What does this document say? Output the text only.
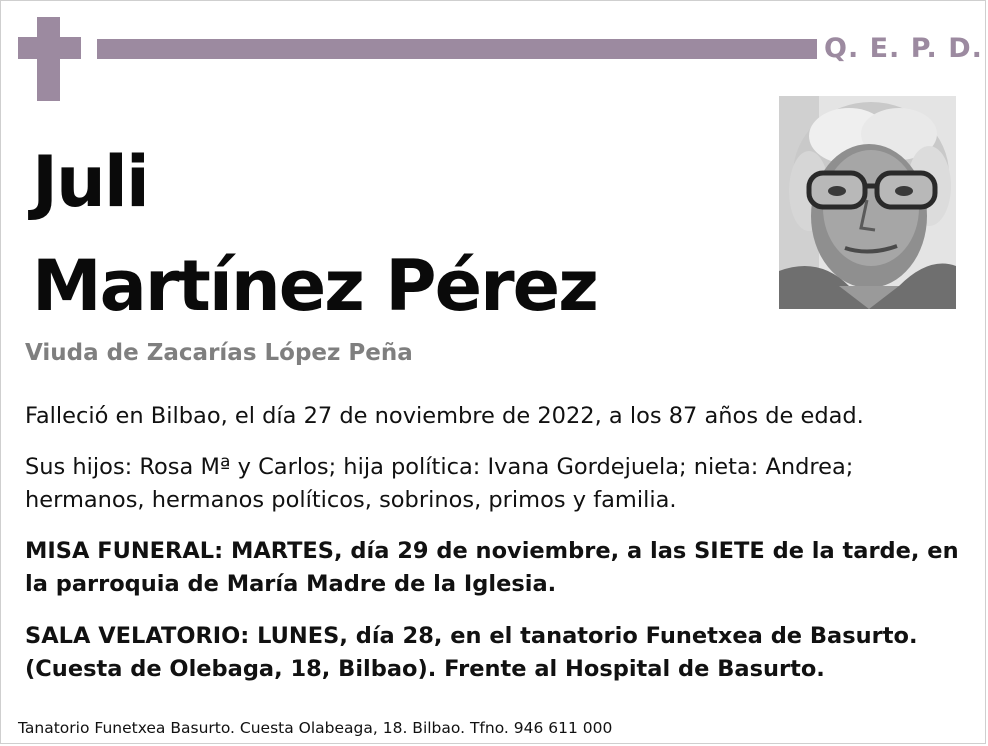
Q. E. P. D.
Juli
Martínez Pérez
Viuda de Zacarías López Peña
Falleció en Bilbao, el día 27 de noviembre de 2022, a los 87 años de edad.
Sus hijos: Rosa Mª y Carlos; hija política: Ivana Gordejuela; nieta: Andrea; hermanos, hermanos políticos, sobrinos, primos y familia.
MISA FUNERAL: MARTES, día 29 de noviembre, a las SIETE de la tarde, en la parroquia de María Madre de la Iglesia.
SALA VELATORIO: LUNES, día 28, en el tanatorio Funetxea de Basurto. (Cuesta de Olebaga, 18, Bilbao). Frente al Hospital de Basurto.
Tanatorio Funetxea Basurto. Cuesta Olabeaga, 18. Bilbao. Tfno. 946 611 000
